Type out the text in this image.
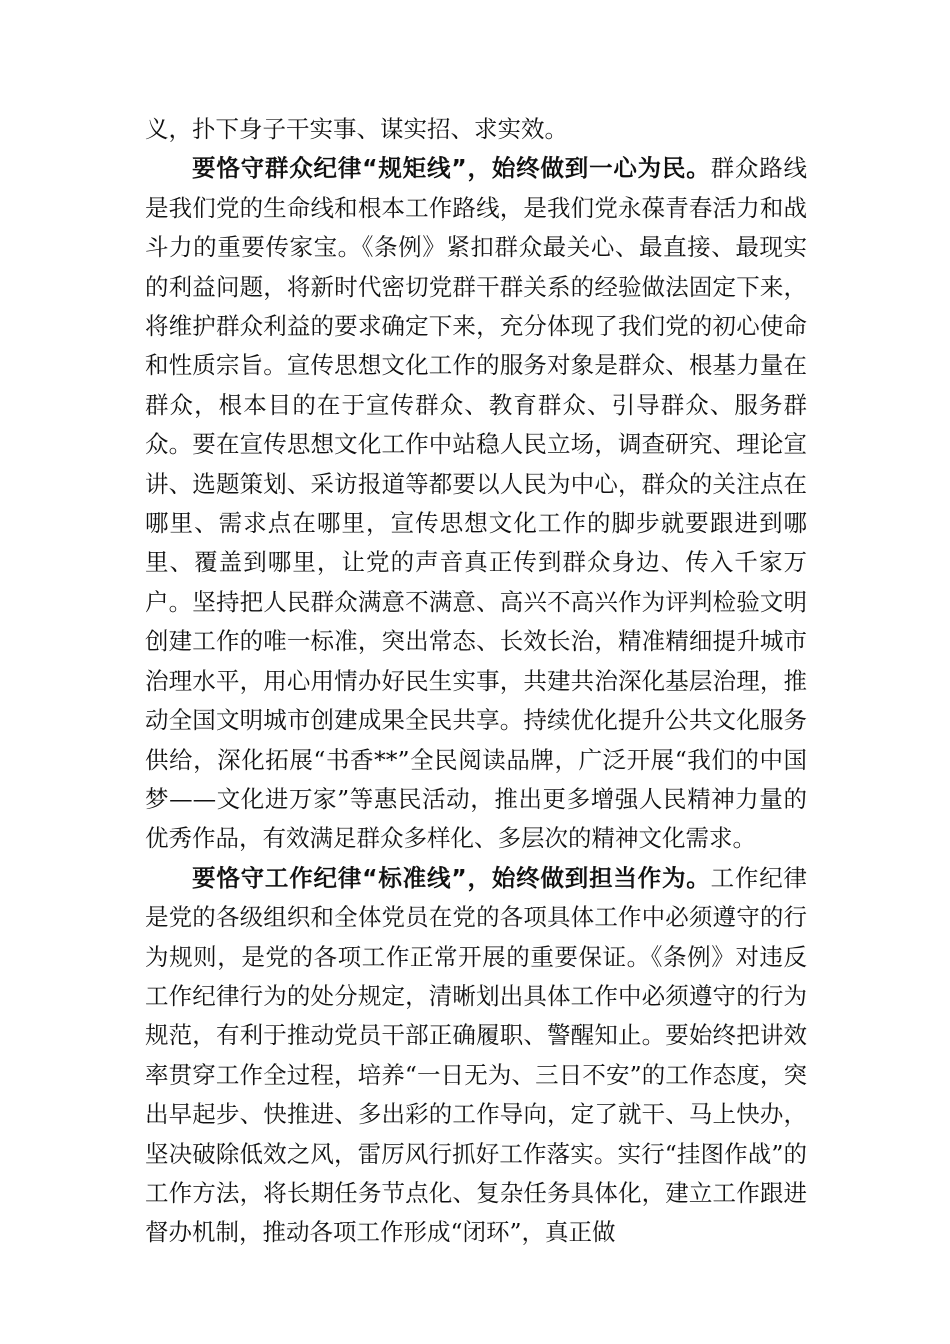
义，扑下身子干实事、谋实招、求实效。

要恪守群众纪律“规矩线”，始终做到一心为民。群众路线是我们党的生命线和根本工作路线，是我们党永葆青春活力和战斗力的重要传家宝。《条例》紧扣群众最关心、最直接、最现实的利益问题，将新时代密切党群干群关系的经验做法固定下来，将维护群众利益的要求确定下来，充分体现了我们党的初心使命和性质宗旨。宣传思想文化工作的服务对象是群众、根基力量在群众，根本目的在于宣传群众、教育群众、引导群众、服务群众。要在宣传思想文化工作中站稳人民立场，调查研究、理论宣讲、选题策划、采访报道等都要以人民为中心，群众的关注点在哪里、需求点在哪里，宣传思想文化工作的脚步就要跟进到哪里、覆盖到哪里，让党的声音真正传到群众身边、传入千家万户。坚持把人民群众满意不满意、高兴不高兴作为评判检验文明创建工作的唯一标准，突出常态、长效长治，精准精细提升城市治理水平，用心用情办好民生实事，共建共治深化基层治理，推动全国文明城市创建成果全民共享。持续优化提升公共文化服务供给，深化拓展“书香**”全民阅读品牌，广泛开展“我们的中国梦——文化进万家”等惠民活动，推出更多增强人民精神力量的优秀作品，有效满足群众多样化、多层次的精神文化需求。

要恪守工作纪律“标准线”，始终做到担当作为。工作纪律是党的各级组织和全体党员在党的各项具体工作中必须遵守的行为规则，是党的各项工作正常开展的重要保证。《条例》对违反工作纪律行为的处分规定，清晰划出具体工作中必须遵守的行为规范，有利于推动党员干部正确履职、警醒知止。要始终把讲效率贯穿工作全过程，培养“一日无为、三日不安”的工作态度，突出早起步、快推进、多出彩的工作导向，定了就干、马上快办，坚决破除低效之风，雷厉风行抓好工作落实。实行“挂图作战”的工作方法，将长期任务节点化、复杂任务具体化，建立工作跟进督办机制，推动各项工作形成“闭环”，真正做
